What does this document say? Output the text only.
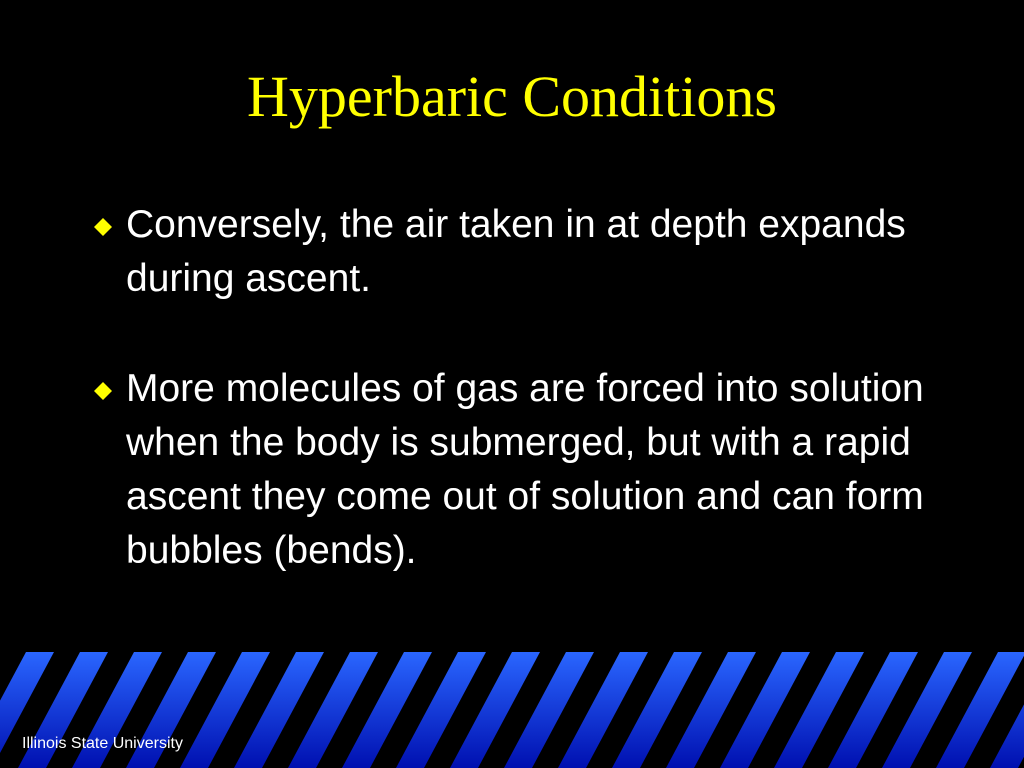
Hyperbaric Conditions
Conversely, the air taken in at depth expands during ascent.
More molecules of gas are forced into solution when the body is submerged, but with a rapid ascent they come out of solution and can form bubbles (bends).
Illinois State University
